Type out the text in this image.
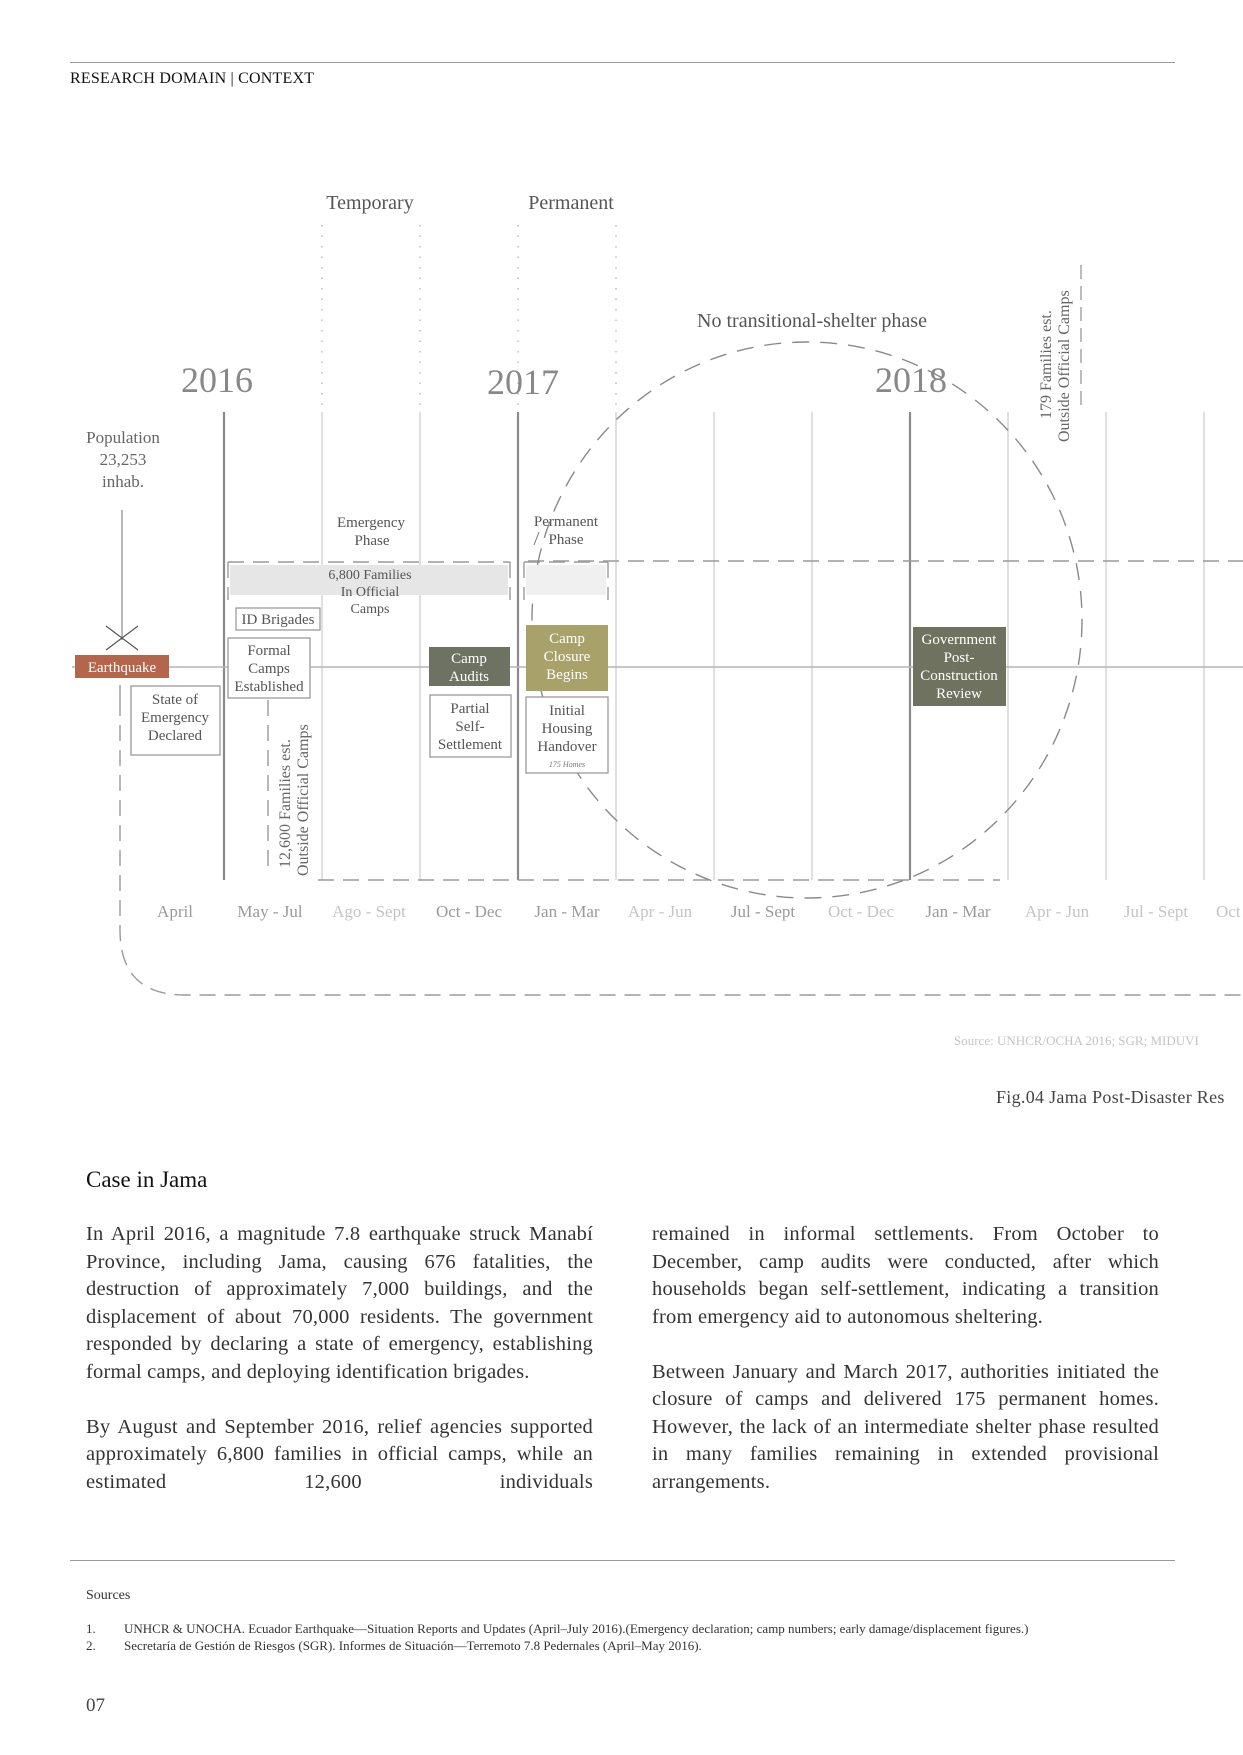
RESEARCH DOMAIN | CONTEXT
Temporary	Permanent
No transitional-shelter phase
2016	2017	2018
Population
23,253
inhab.
179 Families est. Outside Official Camps
12,600 Families est. Outside Official Camps
Emergency
Phase
Permanent
Phase
6,800 Families
In Official
Camps
ID Brigades
Earthquake
Formal
Camps
Established
State of
Emergency
Declared
Camp
Audits
Partial
Self-
Settlement
Camp
Closure
Begins
Initial
Housing
Handover
175 Homes
Government
Post-
Construction
Review
April	May - Jul Ago - Sept Oct - Dec Jan - Mar Apr - Jun Jul - Sept Oct - Dec Jan - Mar Apr - Jun Jul - Sept Oct
Source: UNHCR/OCHA 2016; SGR; MIDUVI
Fig.04 Jama Post-Disaster Res
Case in Jama

In April 2016, a magnitude 7.8 earthquake struck Manabí Province, including Jama, causing 676 fatalities, the destruction of approximately 7,000 buildings, and the displacement of about 70,000 residents. The government responded by declaring a state of emergency, establishing formal camps, and deploying identification brigades.

By August and September 2016, relief agencies supported approximately 6,800 families in official camps, while an estimated 12,600 individuals

remained in informal settlements. From October to December, camp audits were conducted, after which households began self-settlement, indicating a transition from emergency aid to autonomous sheltering.

Between January and March 2017, authorities initiated the closure of camps and delivered 175 permanent homes. However, the lack of an intermediate shelter phase resulted in many families remaining in extended provisional arrangements.

Sources
1. UNHCR & UNOCHA. Ecuador Earthquake—Situation Reports and Updates (April–July 2016).(Emergency declaration; camp numbers; early damage/displacement figures.)
2. Secretaría de Gestión de Riesgos (SGR). Informes de Situación—Terremoto 7.8 Pedernales (April–May 2016).
07
